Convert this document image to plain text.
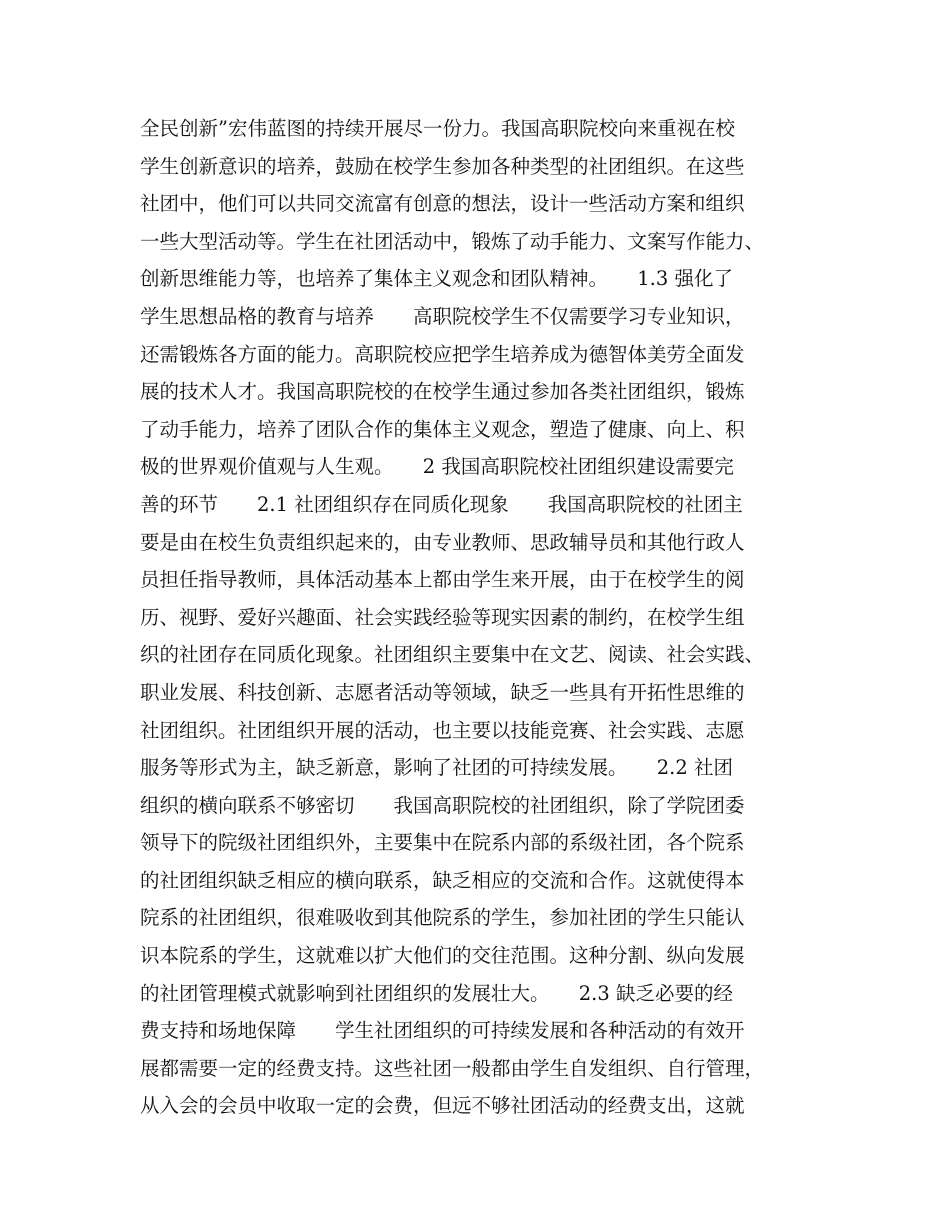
全民创新”宏伟蓝图的持续开展尽一份力。我国高职院校向来重视在校
学生创新意识的培养，鼓励在校学生参加各种类型的社团组织。在这些
社团中，他们可以共同交流富有创意的想法，设计一些活动方案和组织
一些大型活动等。学生在社团活动中，锻炼了动手能力、文案写作能力、
创新思维能力等，也培养了集体主义观念和团队精神。　　1.3 强化了
学生思想品格的教育与培养　　高职院校学生不仅需要学习专业知识，
还需锻炼各方面的能力。高职院校应把学生培养成为德智体美劳全面发
展的技术人才。我国高职院校的在校学生通过参加各类社团组织，锻炼
了动手能力，培养了团队合作的集体主义观念，塑造了健康、向上、积
极的世界观价值观与人生观。　　2 我国高职院校社团组织建设需要完
善的环节　　2.1 社团组织存在同质化现象　　我国高职院校的社团主
要是由在校生负责组织起来的，由专业教师、思政辅导员和其他行政人
员担任指导教师，具体活动基本上都由学生来开展，由于在校学生的阅
历、视野、爱好兴趣面、社会实践经验等现实因素的制约，在校学生组
织的社团存在同质化现象。社团组织主要集中在文艺、阅读、社会实践、
职业发展、科技创新、志愿者活动等领域，缺乏一些具有开拓性思维的
社团组织。社团组织开展的活动，也主要以技能竞赛、社会实践、志愿
服务等形式为主，缺乏新意，影响了社团的可持续发展。　　2.2 社团
组织的横向联系不够密切　　我国高职院校的社团组织，除了学院团委
领导下的院级社团组织外，主要集中在院系内部的系级社团，各个院系
的社团组织缺乏相应的横向联系，缺乏相应的交流和合作。这就使得本
院系的社团组织，很难吸收到其他院系的学生，参加社团的学生只能认
识本院系的学生，这就难以扩大他们的交往范围。这种分割、纵向发展
的社团管理模式就影响到社团组织的发展壮大。　　2.3 缺乏必要的经
费支持和场地保障　　学生社团组织的可持续发展和各种活动的有效开
展都需要一定的经费支持。这些社团一般都由学生自发组织、自行管理，
从入会的会员中收取一定的会费，但远不够社团活动的经费支出，这就
